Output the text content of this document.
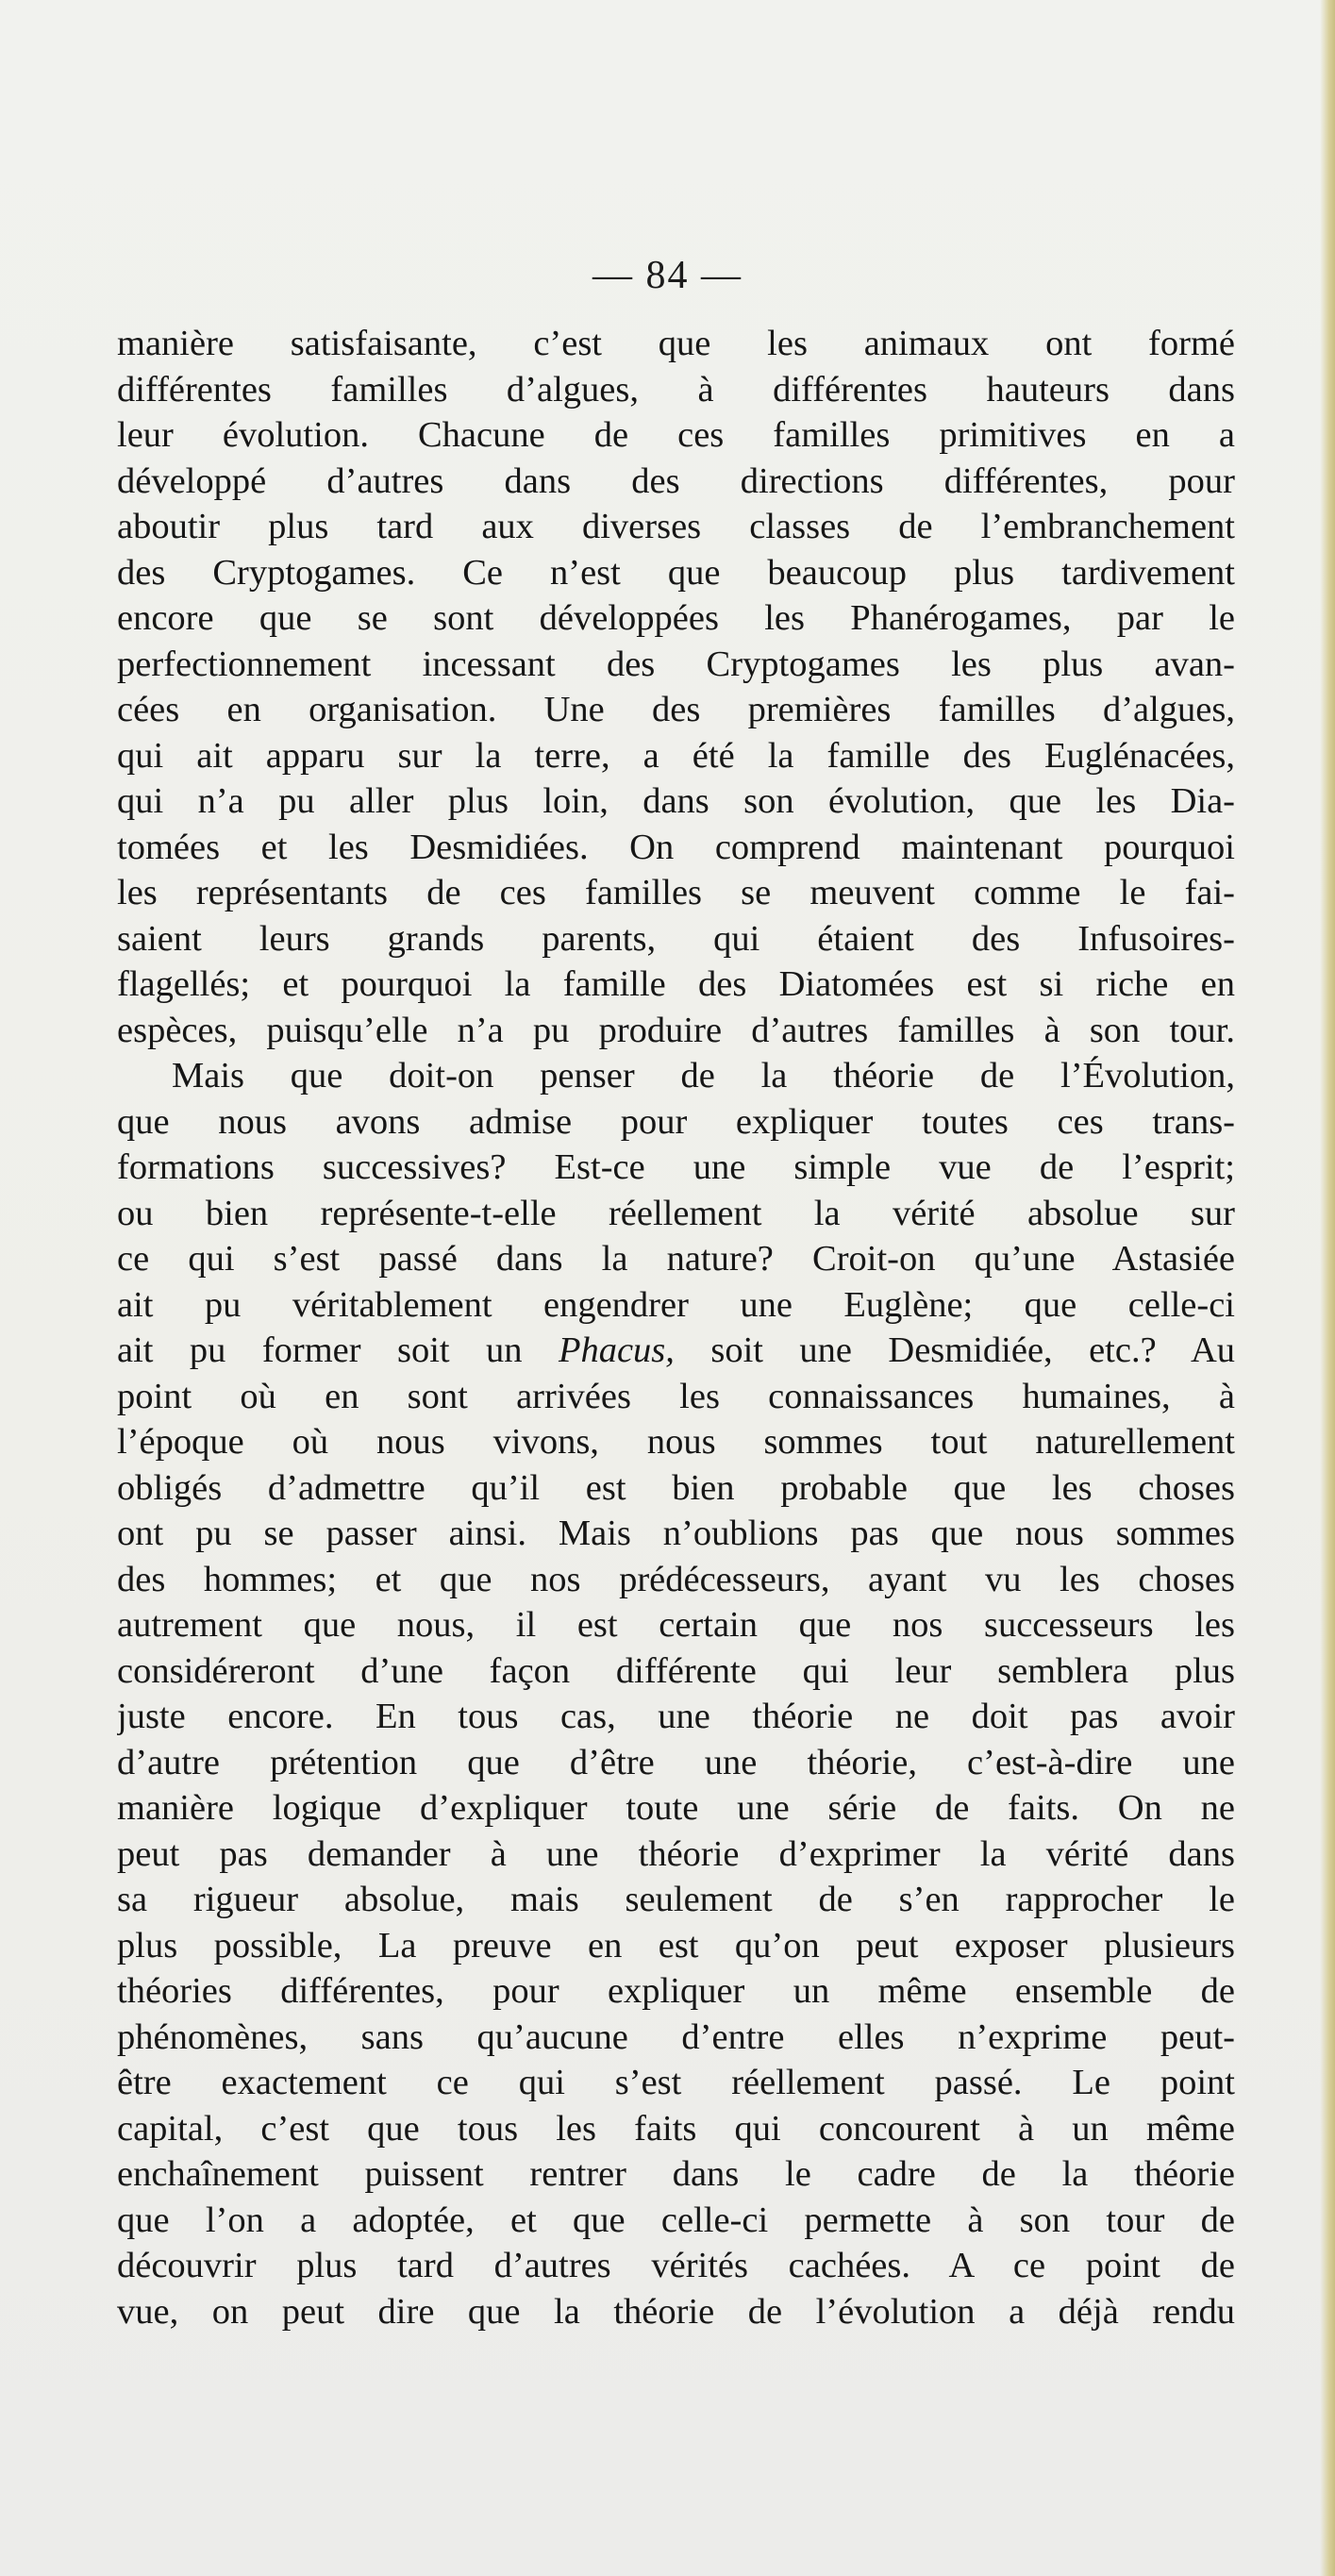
— 84 —
manière satisfaisante, c’est que les animaux ont formé
différentes familles d’algues, à différentes hauteurs dans
leur évolution. Chacune de ces familles primitives en a
développé d’autres dans des directions différentes, pour
aboutir plus tard aux diverses classes de l’embranchement
des Cryptogames. Ce n’est que beaucoup plus tardivement
encore que se sont développées les Phanérogames, par le
perfectionnement incessant des Cryptogames les plus avan-
cées en organisation. Une des premières familles d’algues,
qui ait apparu sur la terre, a été la famille des Euglénacées,
qui n’a pu aller plus loin, dans son évolution, que les Dia-
tomées et les Desmidiées. On comprend maintenant pourquoi
les représentants de ces familles se meuvent comme le fai-
saient leurs grands parents, qui étaient des Infusoires-
flagellés; et pourquoi la famille des Diatomées est si riche en
espèces, puisqu’elle n’a pu produire d’autres familles à son tour.
Mais que doit-on penser de la théorie de l’Évolution,
que nous avons admise pour expliquer toutes ces trans-
formations successives? Est-ce une simple vue de l’esprit;
ou bien représente-t-elle réellement la vérité absolue sur
ce qui s’est passé dans la nature? Croit-on qu’une Astasiée
ait pu véritablement engendrer une Euglène; que celle-ci
ait pu former soit un Phacus, soit une Desmidiée, etc.? Au
point où en sont arrivées les connaissances humaines, à
l’époque où nous vivons, nous sommes tout naturellement
obligés d’admettre qu’il est bien probable que les choses
ont pu se passer ainsi. Mais n’oublions pas que nous sommes
des hommes; et que nos prédécesseurs, ayant vu les choses
autrement que nous, il est certain que nos successeurs les
considéreront d’une façon différente qui leur semblera plus
juste encore. En tous cas, une théorie ne doit pas avoir
d’autre prétention que d’être une théorie, c’est-à-dire une
manière logique d’expliquer toute une série de faits. On ne
peut pas demander à une théorie d’exprimer la vérité dans
sa rigueur absolue, mais seulement de s’en rapprocher le
plus possible, La preuve en est qu’on peut exposer plusieurs
théories différentes, pour expliquer un même ensemble de
phénomènes, sans qu’aucune d’entre elles n’exprime peut-
être exactement ce qui s’est réellement passé. Le point
capital, c’est que tous les faits qui concourent à un même
enchaînement puissent rentrer dans le cadre de la théorie
que l’on a adoptée, et que celle-ci permette à son tour de
découvrir plus tard d’autres vérités cachées. A ce point de
vue, on peut dire que la théorie de l’évolution a déjà rendu
